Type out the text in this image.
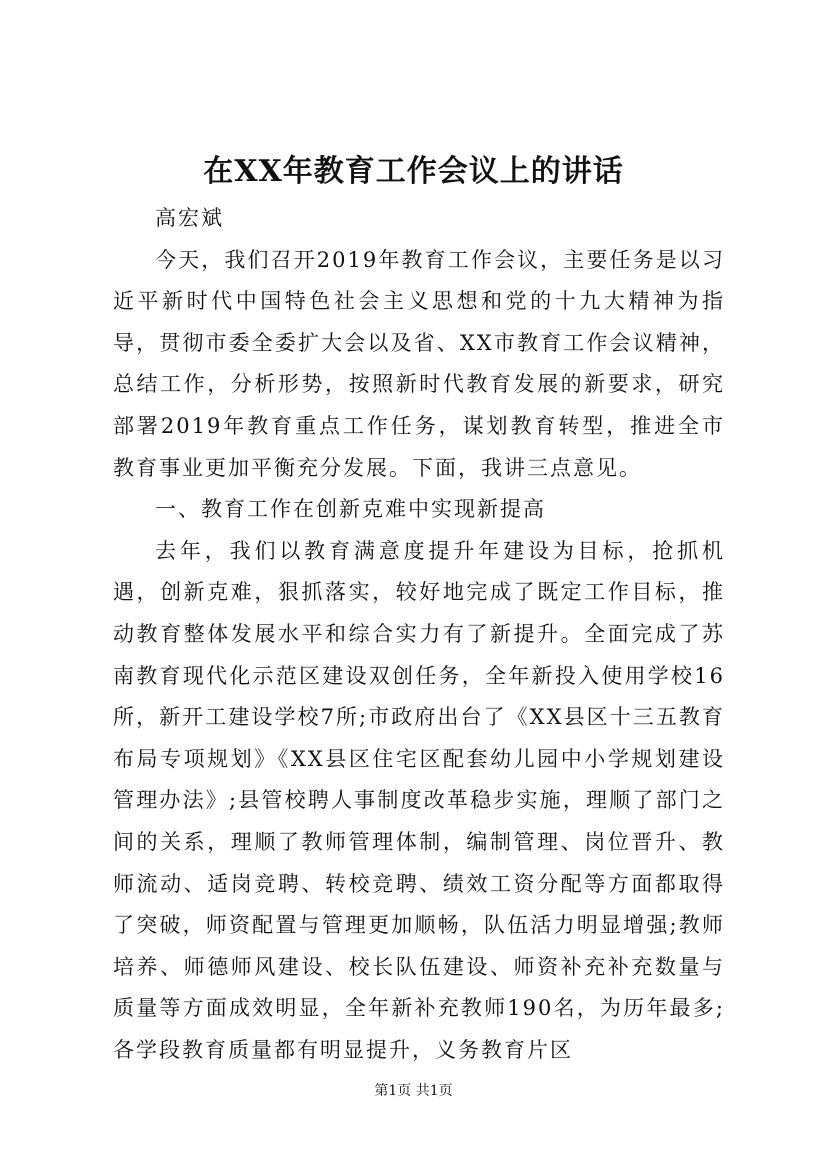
在XX年教育工作会议上的讲话

高宏斌

今天，我们召开2019年教育工作会议，主要任务是以习近平新时代中国特色社会主义思想和党的十九大精神为指导，贯彻市委全委扩大会以及省、XX市教育工作会议精神，总结工作，分析形势，按照新时代教育发展的新要求，研究部署2019年教育重点工作任务，谋划教育转型，推进全市教育事业更加平衡充分发展。下面，我讲三点意见。

一、教育工作在创新克难中实现新提高

去年，我们以教育满意度提升年建设为目标，抢抓机遇，创新克难，狠抓落实，较好地完成了既定工作目标，推动教育整体发展水平和综合实力有了新提升。全面完成了苏南教育现代化示范区建设双创任务，全年新投入使用学校16所，新开工建设学校7所;市政府出台了《XX县区十三五教育布局专项规划》《XX县区住宅区配套幼儿园中小学规划建设管理办法》;县管校聘人事制度改革稳步实施，理顺了部门之间的关系，理顺了教师管理体制，编制管理、岗位晋升、教师流动、适岗竞聘、转校竞聘、绩效工资分配等方面都取得了突破，师资配置与管理更加顺畅，队伍活力明显增强;教师培养、师德师风建设、校长队伍建设、师资补充补充数量与质量等方面成效明显，全年新补充教师190名，为历年最多;各学段教育质量都有明显提升，义务教育片区

第1页 共1页
